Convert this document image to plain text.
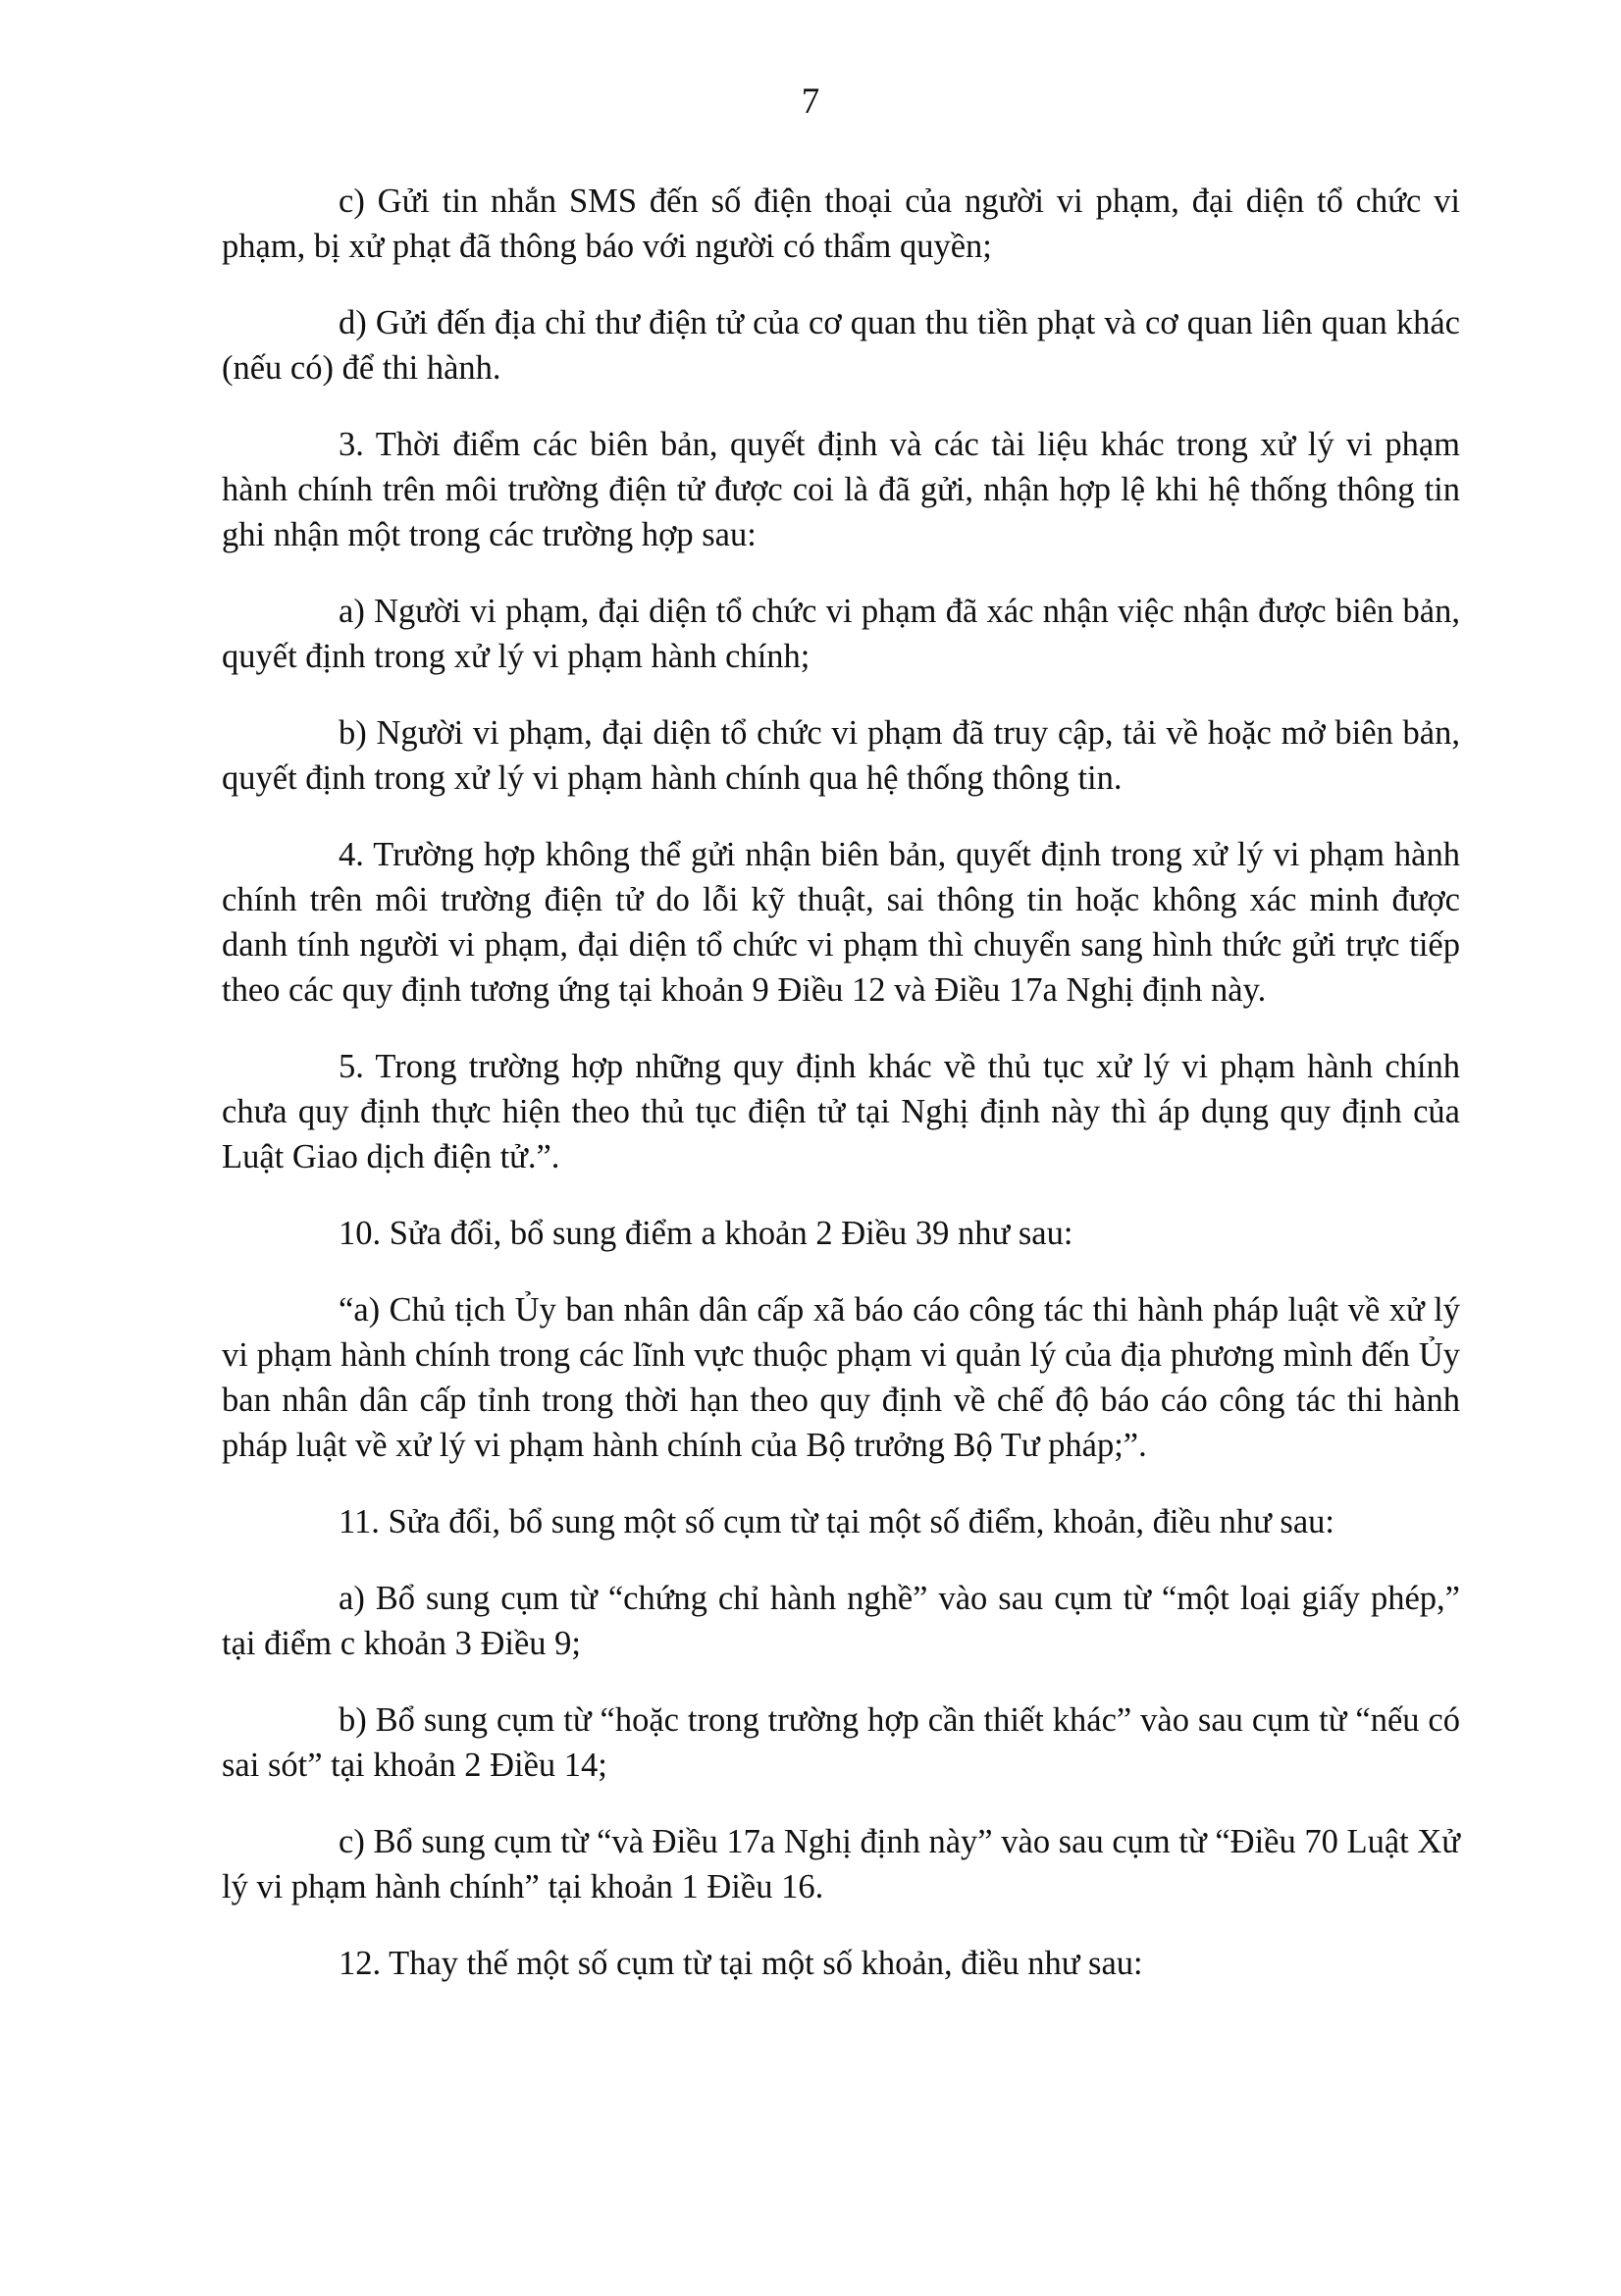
7

c) Gửi tin nhắn SMS đến số điện thoại của người vi phạm, đại diện tổ chức vi phạm, bị xử phạt đã thông báo với người có thẩm quyền;

d) Gửi đến địa chỉ thư điện tử của cơ quan thu tiền phạt và cơ quan liên quan khác (nếu có) để thi hành.

3. Thời điểm các biên bản, quyết định và các tài liệu khác trong xử lý vi phạm hành chính trên môi trường điện tử được coi là đã gửi, nhận hợp lệ khi hệ thống thông tin ghi nhận một trong các trường hợp sau:

a) Người vi phạm, đại diện tổ chức vi phạm đã xác nhận việc nhận được biên bản, quyết định trong xử lý vi phạm hành chính;

b) Người vi phạm, đại diện tổ chức vi phạm đã truy cập, tải về hoặc mở biên bản, quyết định trong xử lý vi phạm hành chính qua hệ thống thông tin.

4. Trường hợp không thể gửi nhận biên bản, quyết định trong xử lý vi phạm hành chính trên môi trường điện tử do lỗi kỹ thuật, sai thông tin hoặc không xác minh được danh tính người vi phạm, đại diện tổ chức vi phạm thì chuyển sang hình thức gửi trực tiếp theo các quy định tương ứng tại khoản 9 Điều 12 và Điều 17a Nghị định này.

5. Trong trường hợp những quy định khác về thủ tục xử lý vi phạm hành chính chưa quy định thực hiện theo thủ tục điện tử tại Nghị định này thì áp dụng quy định của Luật Giao dịch điện tử.”.

10. Sửa đổi, bổ sung điểm a khoản 2 Điều 39 như sau:

“a) Chủ tịch Ủy ban nhân dân cấp xã báo cáo công tác thi hành pháp luật về xử lý vi phạm hành chính trong các lĩnh vực thuộc phạm vi quản lý của địa phương mình đến Ủy ban nhân dân cấp tỉnh trong thời hạn theo quy định về chế độ báo cáo công tác thi hành pháp luật về xử lý vi phạm hành chính của Bộ trưởng Bộ Tư pháp;”.

11. Sửa đổi, bổ sung một số cụm từ tại một số điểm, khoản, điều như sau:

a) Bổ sung cụm từ “chứng chỉ hành nghề” vào sau cụm từ “một loại giấy phép,” tại điểm c khoản 3 Điều 9;

b) Bổ sung cụm từ “hoặc trong trường hợp cần thiết khác” vào sau cụm từ “nếu có sai sót” tại khoản 2 Điều 14;

c) Bổ sung cụm từ “và Điều 17a Nghị định này” vào sau cụm từ “Điều 70 Luật Xử lý vi phạm hành chính” tại khoản 1 Điều 16.

12. Thay thế một số cụm từ tại một số khoản, điều như sau:
